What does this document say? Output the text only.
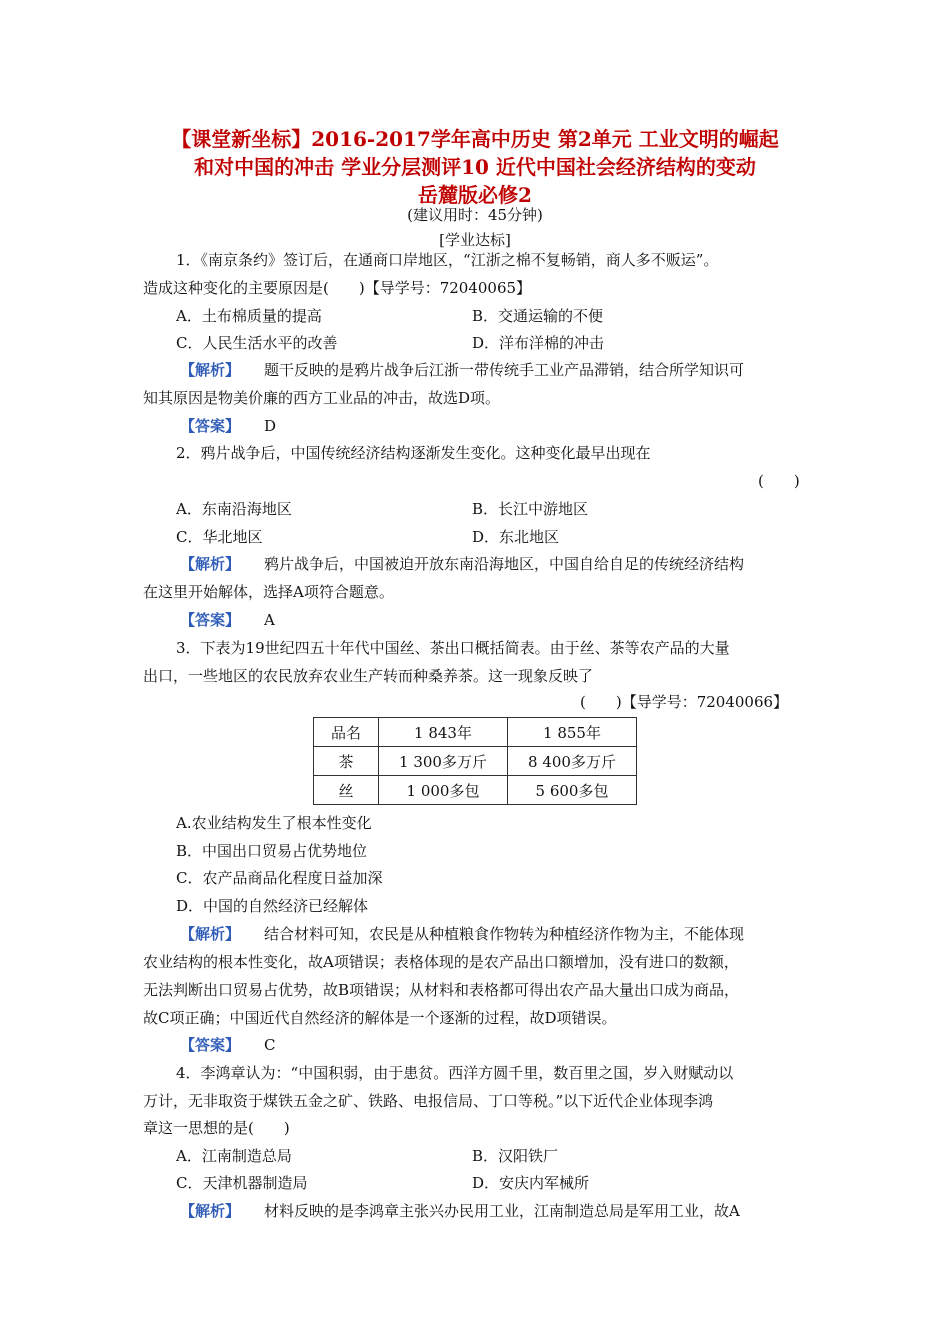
【课堂新坐标】2016-2017学年高中历史 第2单元 工业文明的崛起
和对中国的冲击 学业分层测评10 近代中国社会经济结构的变动
岳麓版必修2
(建议用时：45分钟)
[学业达标]
1．《南京条约》签订后，在通商口岸地区，“江浙之棉不复畅销，商人多不贩运”。
造成这种变化的主要原因是(　　)【导学号：72040065】
A．土布棉质量的提高	B．交通运输的不便
C．人民生活水平的改善	D．洋布洋棉的冲击
【解析】 题干反映的是鸦片战争后江浙一带传统手工业产品滞销，结合所学知识可
知其原因是物美价廉的西方工业品的冲击，故选D项。
【答案】 D
2．鸦片战争后，中国传统经济结构逐渐发生变化。这种变化最早出现在
(　　)
A．东南沿海地区	B．长江中游地区
C．华北地区	D．东北地区
【解析】 鸦片战争后，中国被迫开放东南沿海地区，中国自给自足的传统经济结构
在这里开始解体，选择A项符合题意。
【答案】 A
3．下表为19世纪四五十年代中国丝、茶出口概括简表。由于丝、茶等农产品的大量
出口，一些地区的农民放弃农业生产转而种桑养茶。这一现象反映了
(　　)【导学号：72040066】
品名	1 843年	1 855年
茶	1 300多万斤	8 400多万斤
丝	1 000多包	5 600多包
A.农业结构发生了根本性变化
B．中国出口贸易占优势地位
C．农产品商品化程度日益加深
D．中国的自然经济已经解体
【解析】 结合材料可知，农民是从种植粮食作物转为种植经济作物为主，不能体现
农业结构的根本性变化，故A项错误；表格体现的是农产品出口额增加，没有进口的数额，
无法判断出口贸易占优势，故B项错误；从材料和表格都可得出农产品大量出口成为商品，
故C项正确；中国近代自然经济的解体是一个逐渐的过程，故D项错误。
【答案】 C
4．李鸿章认为：“中国积弱，由于患贫。西洋方圆千里，数百里之国，岁入财赋动以
万计，无非取资于煤铁五金之矿、铁路、电报信局、丁口等税。”以下近代企业体现李鸿
章这一思想的是(　　)
A．江南制造总局	B．汉阳铁厂
C．天津机器制造局	D．安庆内军械所
【解析】 材料反映的是李鸿章主张兴办民用工业，江南制造总局是军用工业，故A
